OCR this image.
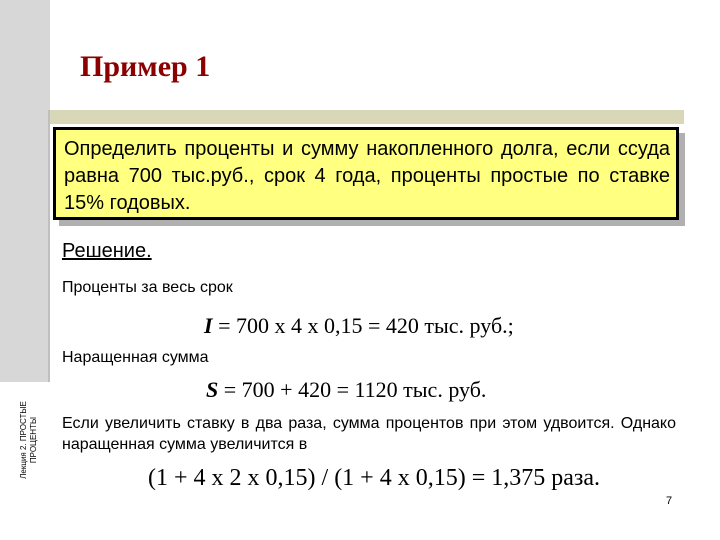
Пример 1
Определить проценты и сумму накопленного долга, если ссуда равна 700 тыс.руб., срок 4 года, проценты простые по ставке 15% годовых.
Решение.
Проценты за весь срок
I = 700 х 4 х 0,15 = 420 тыс. руб.;
Наращенная сумма
S = 700 + 420 = 1120 тыс. руб.
Если увеличить ставку в два раза, сумма процентов при этом удвоится. Однако наращенная сумма увеличится в
(1 + 4 х 2 х 0,15) / (1 + 4 х 0,15) = 1,375 раза.
Лекция 2. ПРОСТЫЕ ПРОЦЕНТЫ
7
